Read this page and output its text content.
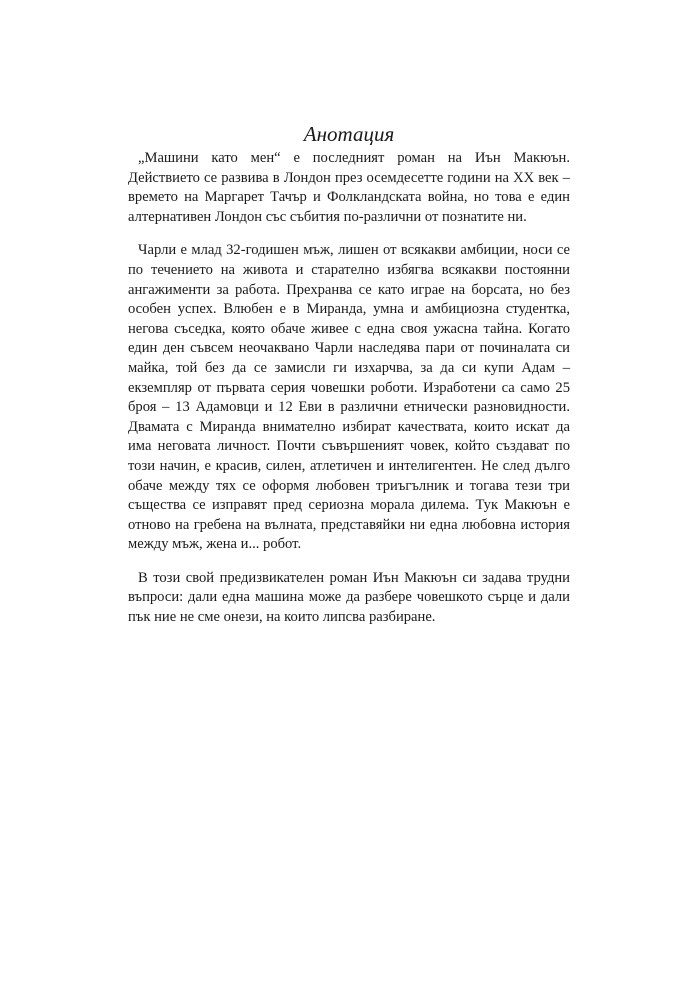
Анотация

„Машини като мен“ е последният роман на Иън Макюън. Действието се развива в Лондон през осемдесетте години на XX век – времето на Маргарет Тачър и Фолкландската война, но това е един алтернативен Лондон със събития по-различни от познатите ни.

Чарли е млад 32-годишен мъж, лишен от всякакви амбиции, носи се по течението на живота и старателно избягва всякакви постоянни ангажименти за работа. Прехранва се като играе на борсата, но без особен успех. Влюбен е в Миранда, умна и амбициозна студентка, негова съседка, която обаче живее с една своя ужасна тайна. Когато един ден съвсем неочаквано Чарли наследява пари от починалата си майка, той без да се замисли ги изхарчва, за да си купи Адам – екземпляр от първата серия човешки роботи. Изработени са само 25 броя – 13 Адамовци и 12 Еви в различни етнически разновидности. Двамата с Миранда внимателно избират качествата, които искат да има неговата личност. Почти съвършеният човек, който създават по този начин, е красив, силен, атлетичен и интелигентен. Не след дълго обаче между тях се оформя любовен триъгълник и тогава тези три същества се изправят пред сериозна морала дилема. Тук Макюън е отново на гребена на вълната, представяйки ни една любовна история между мъж, жена и... робот.

В този свой предизвикателен роман Иън Макюън си задава трудни въпроси: дали една машина може да разбере човешкото сърце и дали пък ние не сме онези, на които липсва разбиране.
